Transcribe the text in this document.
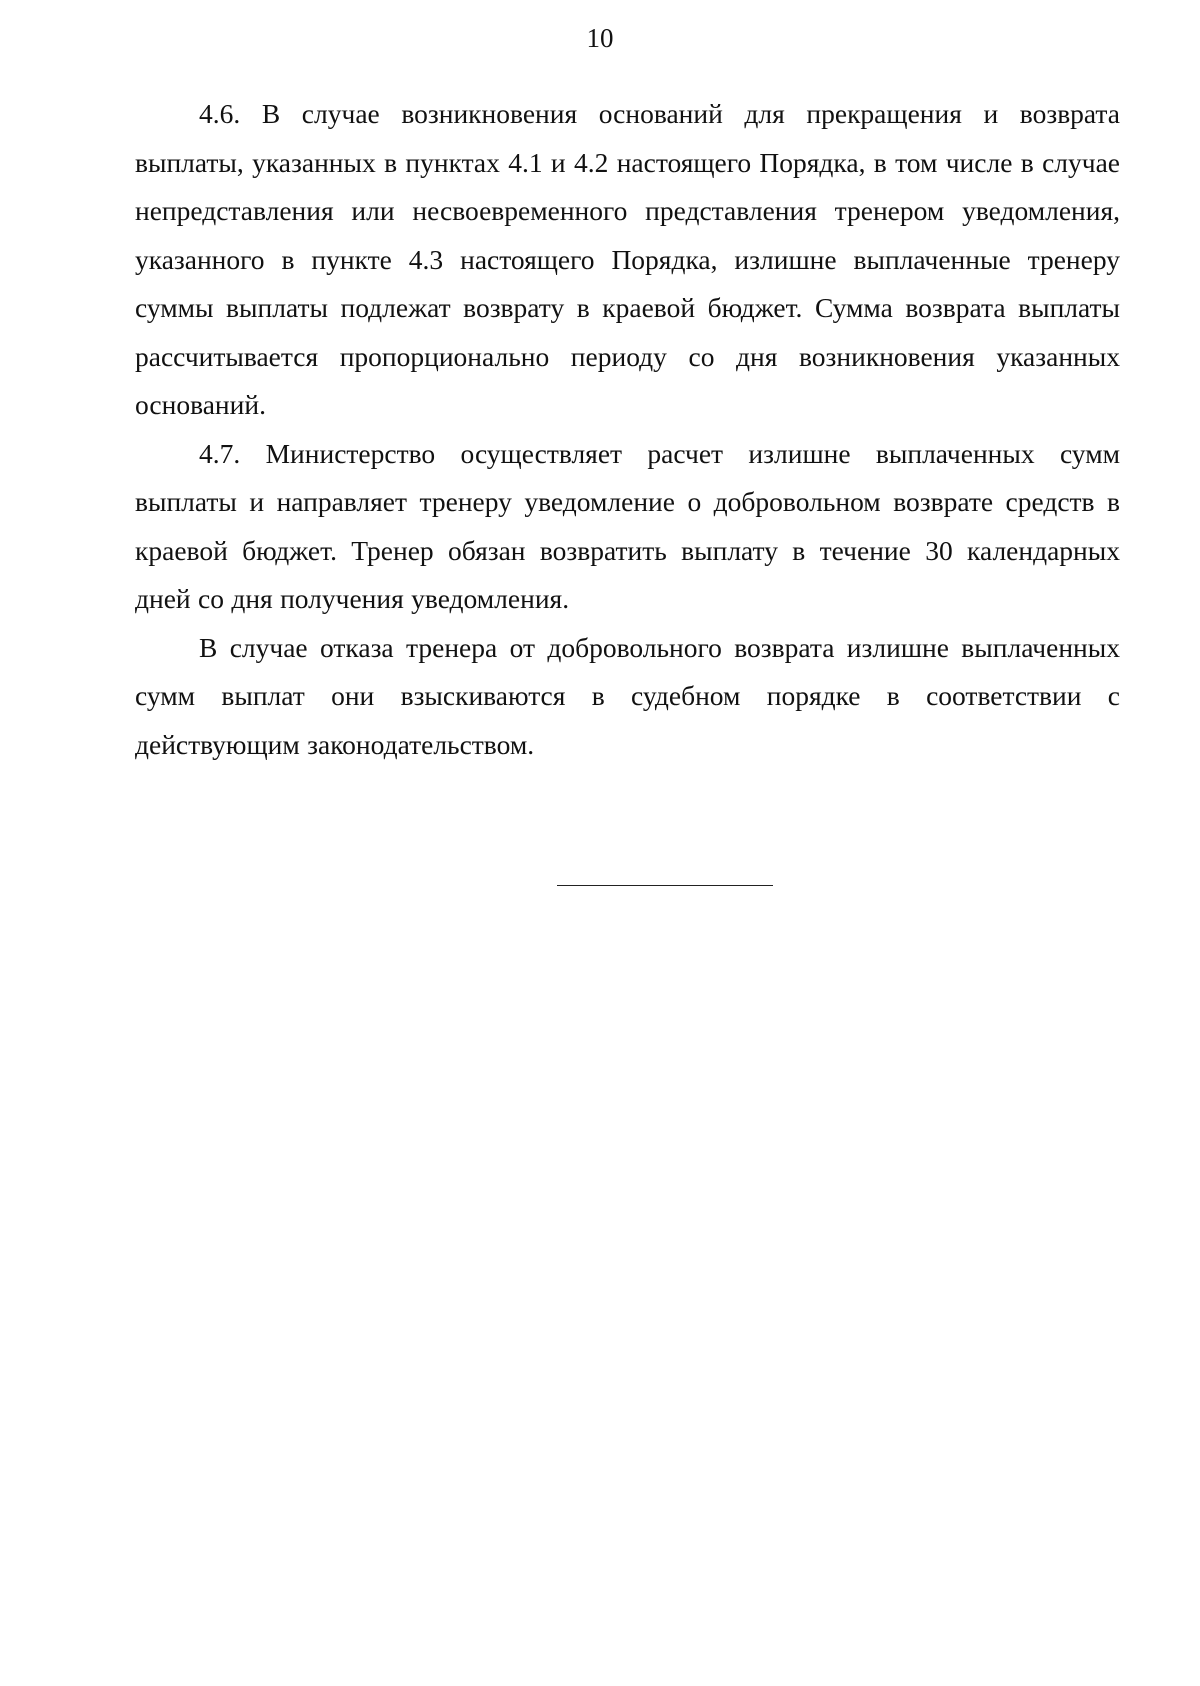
10

4.6. В случае возникновения оснований для прекращения и возврата выплаты, указанных в пунктах 4.1 и 4.2 настоящего Порядка, в том числе в случае непредставления или несвоевременного представления тренером уведомления, указанного в пункте 4.3 настоящего Порядка, излишне выплаченные тренеру суммы выплаты подлежат возврату в краевой бюджет. Сумма возврата выплаты рассчитывается пропорционально периоду со дня возникновения указанных оснований.

4.7. Министерство осуществляет расчет излишне выплаченных сумм выплаты и направляет тренеру уведомление о добровольном возврате средств в краевой бюджет. Тренер обязан возвратить выплату в течение 30 календарных дней со дня получения уведомления.

В случае отказа тренера от добровольного возврата излишне выплаченных сумм выплат они взыскиваются в судебном порядке в соответствии с действующим законодательством.
